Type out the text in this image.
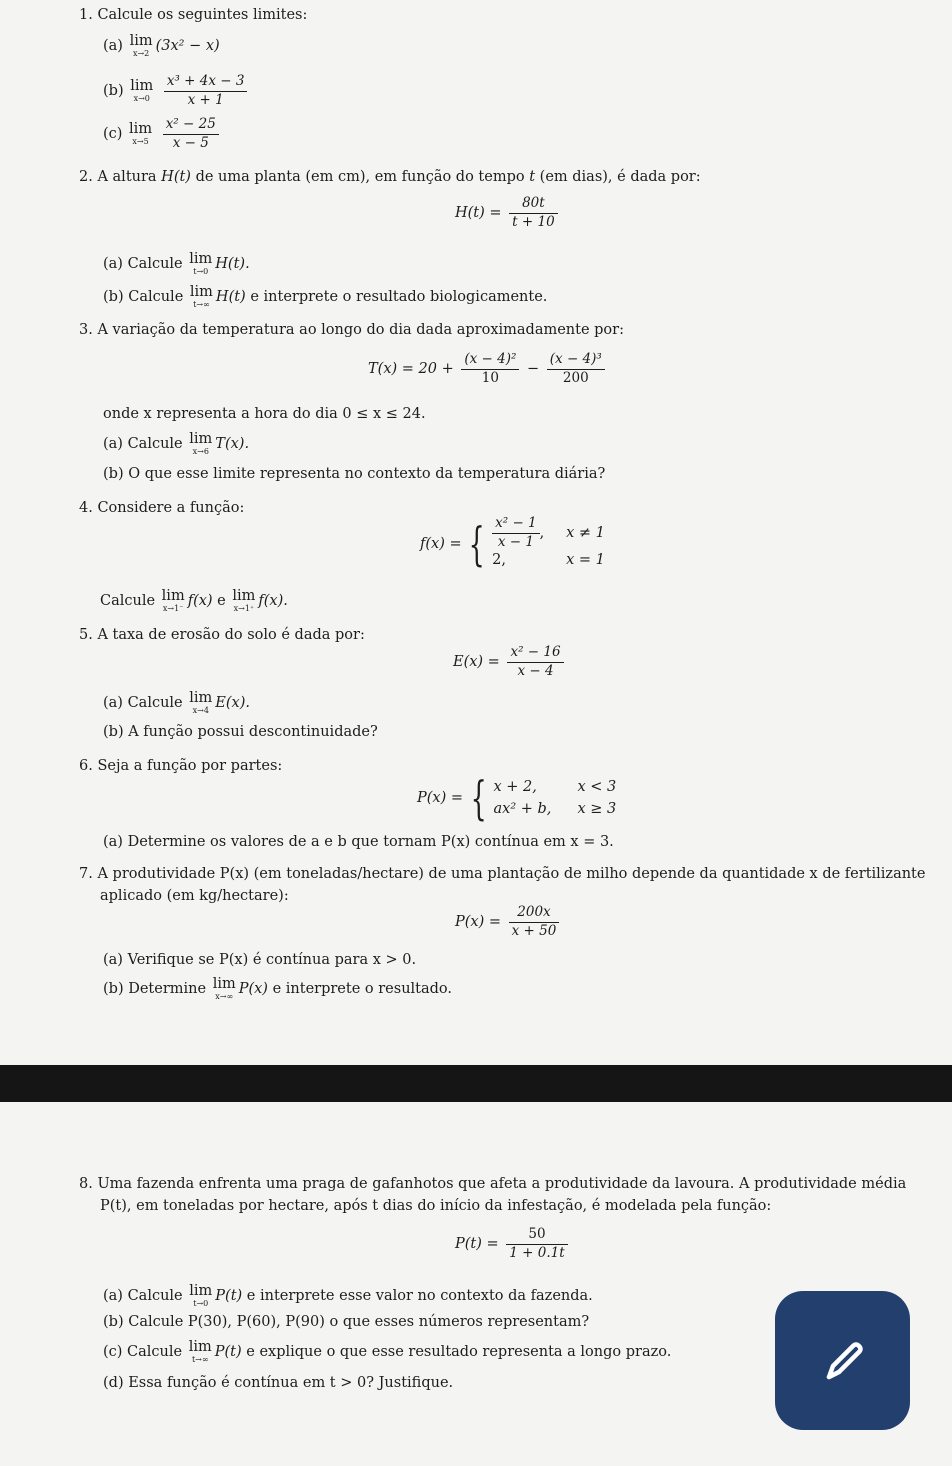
1. Calcule os seguintes limites:
(a) lim
x→2 (3x² − x)
(b) lim
x→0
$\frac{\text{x³ + 4x − 3}}{x + 1}$
(c) lim
x→5
$\frac{\text{x² − 25}}{x - 5}$
2. A altura H(t) de uma planta (em cm), em função do tempo t (em dias), é dada por:
$H(t) = \frac{80t}{t + 10}$
(a) Calcule lim
t→0 H(t).
(b) Calcule lim
t→∞ H(t) e interprete o resultado biologicamente.
3. A variação da temperatura ao longo do dia dada aproximadamente por:
$T(x) = 20 + \frac{\text{(x − 4)²}}{10} - \frac{\text{(x − 4)³}}{200}$
onde x representa a hora do dia 0 ≤ x ≤ 24.
(a) Calcule lim
x→6 T(x).
(b) O que esse limite representa no contexto da temperatura diária?
4. Considere a função:
f(x) = { $\frac{\text{x² − 1}}{x - 1}$ ,	x ≠ 1
2,	x = 1
Calcule lim
x→1⁻ f(x) e lim
x→1⁺ f(x).
5. A taxa de erosão do solo é dada por:
$E(x) = \frac{\text{x² − 16}}{x - 4}$
(a) Calcule lim
x→4 E(x).
(b) A função possui descontinuidade?
6. Seja a função por partes:
P(x) = { x + 2,	x < 3
ax² + b,	x ≥ 3
(a) Determine os valores de a e b que tornam P(x) contínua em x = 3.
7. A produtividade P(x) (em toneladas/hectare) de uma plantação de milho depende da quantidade x de fertilizante
aplicado (em kg/hectare):
$P(x) = \frac{200x}{x + 50}$
(a) Verifique se P(x) é contínua para x > 0.
(b) Determine lim
x→∞ P(x) e interprete o resultado.
8. Uma fazenda enfrenta uma praga de gafanhotos que afeta a produtividade da lavoura. A produtividade média
P(t), em toneladas por hectare, após t dias do início da infestação, é modelada pela função:
$P(t) = \frac{50}{1 + 0.1t}$
(a) Calcule lim
t→0 P(t) e interprete esse valor no contexto da fazenda.
(b) Calcule P(30), P(60), P(90) o que esses números representam?
(c) Calcule lim
t→∞ P(t) e explique o que esse resultado representa a longo prazo.
(d) Essa função é contínua em t > 0? Justifique.
